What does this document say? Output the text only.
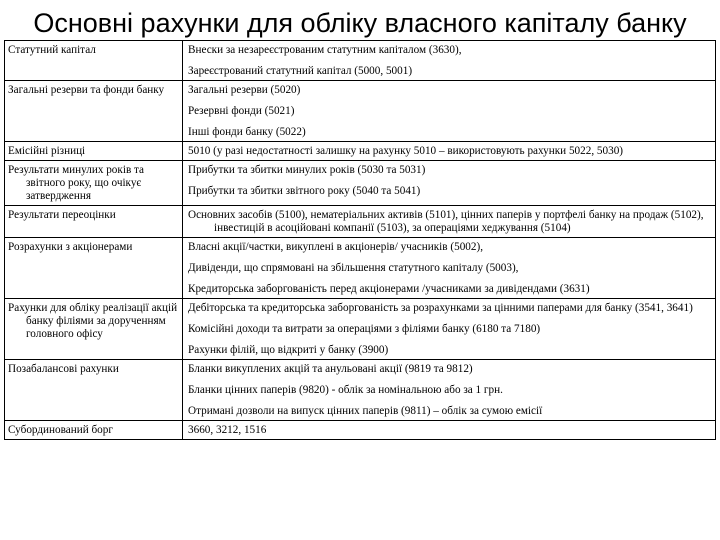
Основні рахунки для обліку власного капіталу банку
Статутний капітал	Внески за незареєстрованим статутним капіталом (3630),
Зареєстрований статутний капітал (5000, 5001)

Загальні резерви та фонди банку	Загальні резерви (5020)
Резервні фонди (5021)
Інші фонди банку (5022)

Емісійні різниці	5010 (у разі недостатності залишку на рахунку 5010 – використовують рахунки 5022, 5030)

Результати минулих років та звітного року, що очікує затвердження	Прибутки та збитки минулих років (5030 та 5031)
Прибутки та збитки звітного року (5040 та 5041)

Результати переоцінки	Основних засобів (5100), нематеріальних активів (5101), цінних паперів у портфелі банку на продаж (5102), інвестицій в асоційовані компанії (5103), за операціями хеджування (5104)

Розрахунки з акціонерами	Власні акції/частки, викуплені в акціонерів/ учасників (5002),
Дивіденди, що спрямовані на збільшення статутного капіталу (5003),
Кредиторська заборгованість перед акціонерами /учасниками за дивідендами (3631)

Рахунки для обліку реалізації акцій банку філіями за дорученням головного офісу	Дебіторська та кредиторська заборгованість за розрахунками за цінними паперами для банку (3541, 3641)
Комісійні доходи та витрати за операціями з філіями банку (6180 та 7180)
Рахунки філій, що відкриті у банку (3900)

Позабалансові рахунки	Бланки викуплених акцій та анульовані акції (9819 та 9812)
Бланки цінних паперів (9820) - облік за номінальною або за 1 грн.
Отримані дозволи на випуск цінних паперів (9811) – облік за сумою емісії

Субординований борг	3660, 3212, 1516
